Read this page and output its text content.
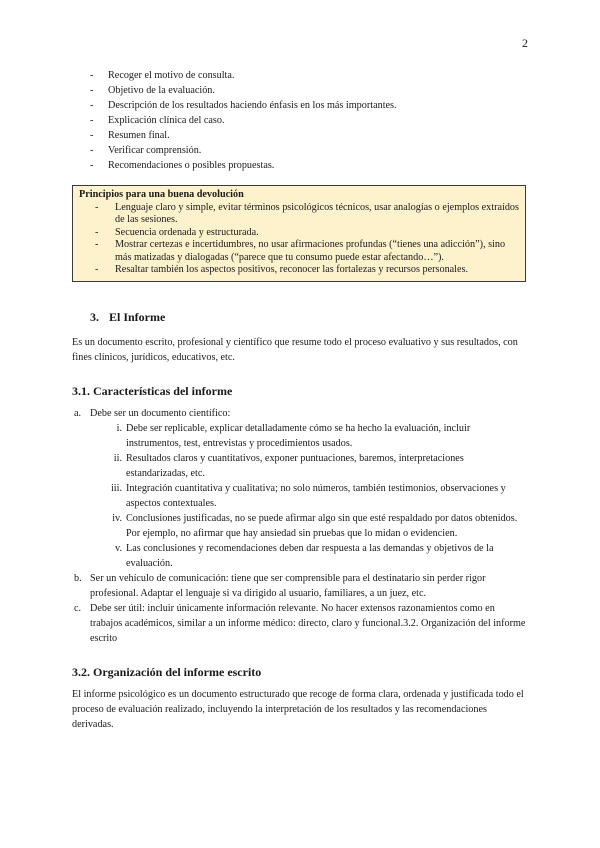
2
- Recoger el motivo de consulta.
- Objetivo de la evaluación.
- Descripción de los resultados haciendo énfasis en los más importantes.
- Explicación clínica del caso.
- Resumen final.
- Verificar comprensión.
- Recomendaciones o posibles propuestas.
Principios para una buena devolución
- Lenguaje claro y simple, evitar términos psicológicos técnicos, usar analogías o ejemplos extraídos de las sesiones.
- Secuencia ordenada y estructurada.
- Mostrar certezas e incertidumbres, no usar afirmaciones profundas (“tienes una adicción”), sino más matizadas y dialogadas (“parece que tu consumo puede estar afectando…”).
- Resaltar también los aspectos positivos, reconocer las fortalezas y recursos personales.
3. El Informe

Es un documento escrito, profesional y científico que resume todo el proceso evaluativo y sus resultados, con fines clínicos, jurídicos, educativos, etc.

3.1. Características del informe
a. Debe ser un documento científico:
i. Debe ser replicable, explicar detalladamente cómo se ha hecho la evaluación, incluir instrumentos, test, entrevistas y procedimientos usados.
ii. Resultados claros y cuantitativos, exponer puntuaciones, baremos, interpretaciones estandarizadas, etc.
iii. Integración cuantitativa y cualitativa; no solo números, también testimonios, observaciones y aspectos contextuales.
iv. Conclusiones justificadas, no se puede afirmar algo sin que esté respaldado por datos obtenidos. Por ejemplo, no afirmar que hay ansiedad sin pruebas que lo midan o evidencien.
v. Las conclusiones y recomendaciones deben dar respuesta a las demandas y objetivos de la evaluación.
b. Ser un vehículo de comunicación: tiene que ser comprensible para el destinatario sin perder rigor profesional. Adaptar el lenguaje si va dirigido al usuario, familiares, a un juez, etc.
c. Debe ser útil: incluir únicamente información relevante. No hacer extensos razonamientos como en trabajos académicos, similar a un informe médico: directo, claro y funcional.3.2. Organización del informe escrito
3.2. Organización del informe escrito

El informe psicológico es un documento estructurado que recoge de forma clara, ordenada y justificada todo el proceso de evaluación realizado, incluyendo la interpretación de los resultados y las recomendaciones derivadas.
